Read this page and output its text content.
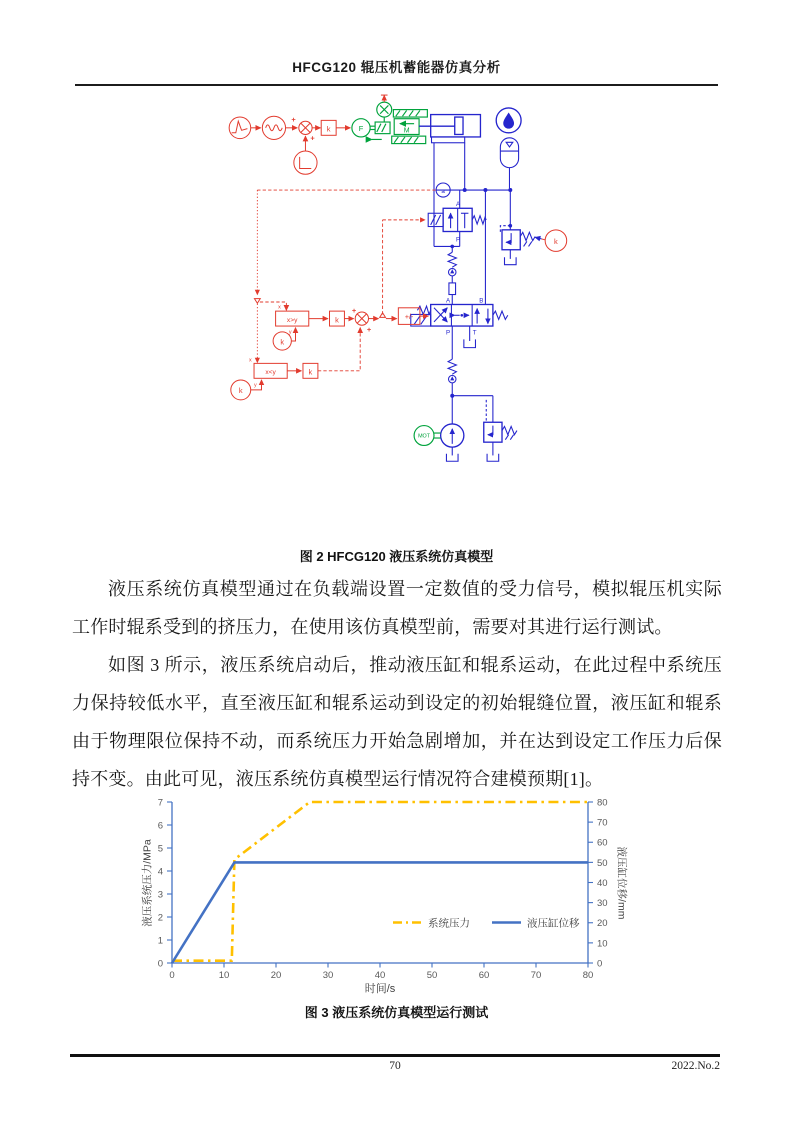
HFCG120 辊压机蓄能器仿真分析
+
+
k	F	M
a
A
P
A	B
P	T
MOT
k
x>y
x
y
k
+
+
+/-
k
x<y
x
y
k
k
图 2 HFCG120 液压系统仿真模型

液压系统仿真模型通过在负载端设置一定数值的受力信号，模拟辊压机实际工作时辊系受到的挤压力，在使用该仿真模型前，需要对其进行运行测试。

如图 3 所示，液压系统启动后，推动液压缸和辊系运动，在此过程中系统压力保持较低水平，直至液压缸和辊系运动到设定的初始辊缝位置，液压缸和辊系由于物理限位保持不动，而系统压力开始急剧增加，并在达到设定工作压力后保持不变。由此可见，液压系统仿真模型运行情况符合建模预期[1]。

0	10	20	30	40	50	60	70	80
0
1
2
3
4
5
6
7
0
10
20
30
40
50
60
70
80
系统压力	液压缸位移
液压系统压力/MPa	液压缸位移/mm
时间/s
图 3 液压系统仿真模型运行测试
70	2022.No.2
